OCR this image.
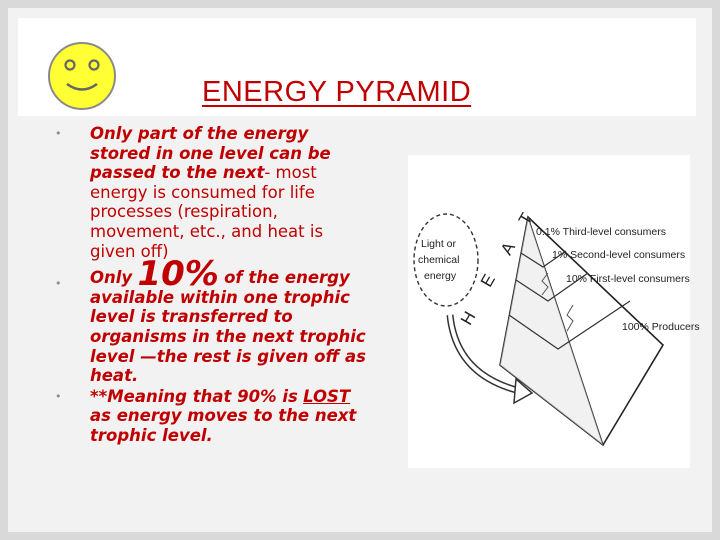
ENERGY PYRAMID
• Only part of the energy stored in one level can be passed to the next- most energy is consumed for life processes (respiration, movement, etc., and heat is given off)
• Only 10% of the energy available within one trophic level is transferred to organisms in the next trophic level —the rest is given off as heat.
• **Meaning that 90% is LOST as energy moves to the next trophic level.
Light or
chemical
energy
H
E
A
T
0.1% Third-level consumers
1% Second-level consumers
10% First-level consumers
100% Producers
